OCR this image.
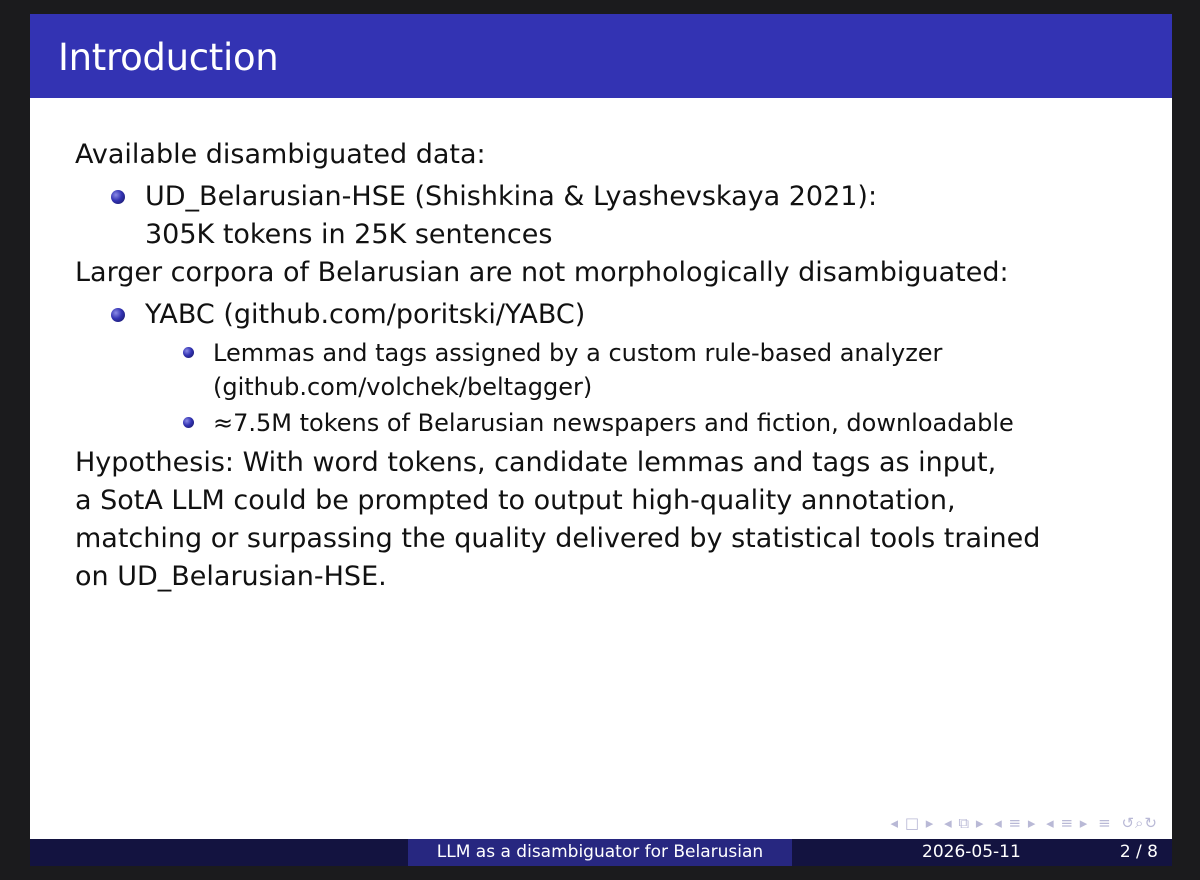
Introduction

Available disambiguated data:

UD_Belarusian-HSE (Shishkina & Lyashevskaya 2021):
305K tokens in 25K sentences

Larger corpora of Belarusian are not morphologically disambiguated:

YABC (github.com/poritski/YABC)
Lemmas and tags assigned by a custom rule-based analyzer
(github.com/volchek/beltagger)
≈7.5M tokens of Belarusian newspapers and fiction, downloadable
Hypothesis: With word tokens, candidate lemmas and tags as input,
a SotA LLM could be prompted to output high-quality annotation,
matching or surpassing the quality delivered by statistical tools trained
on UD_Belarusian-HSE.
◂ □ ▸ ◂ ⧉ ▸ ◂ ≡ ▸ ◂ ≡ ▸ ≡ ↺⌕↻
LLM as a disambiguator for Belarusian	2026-05-11	2 / 8
